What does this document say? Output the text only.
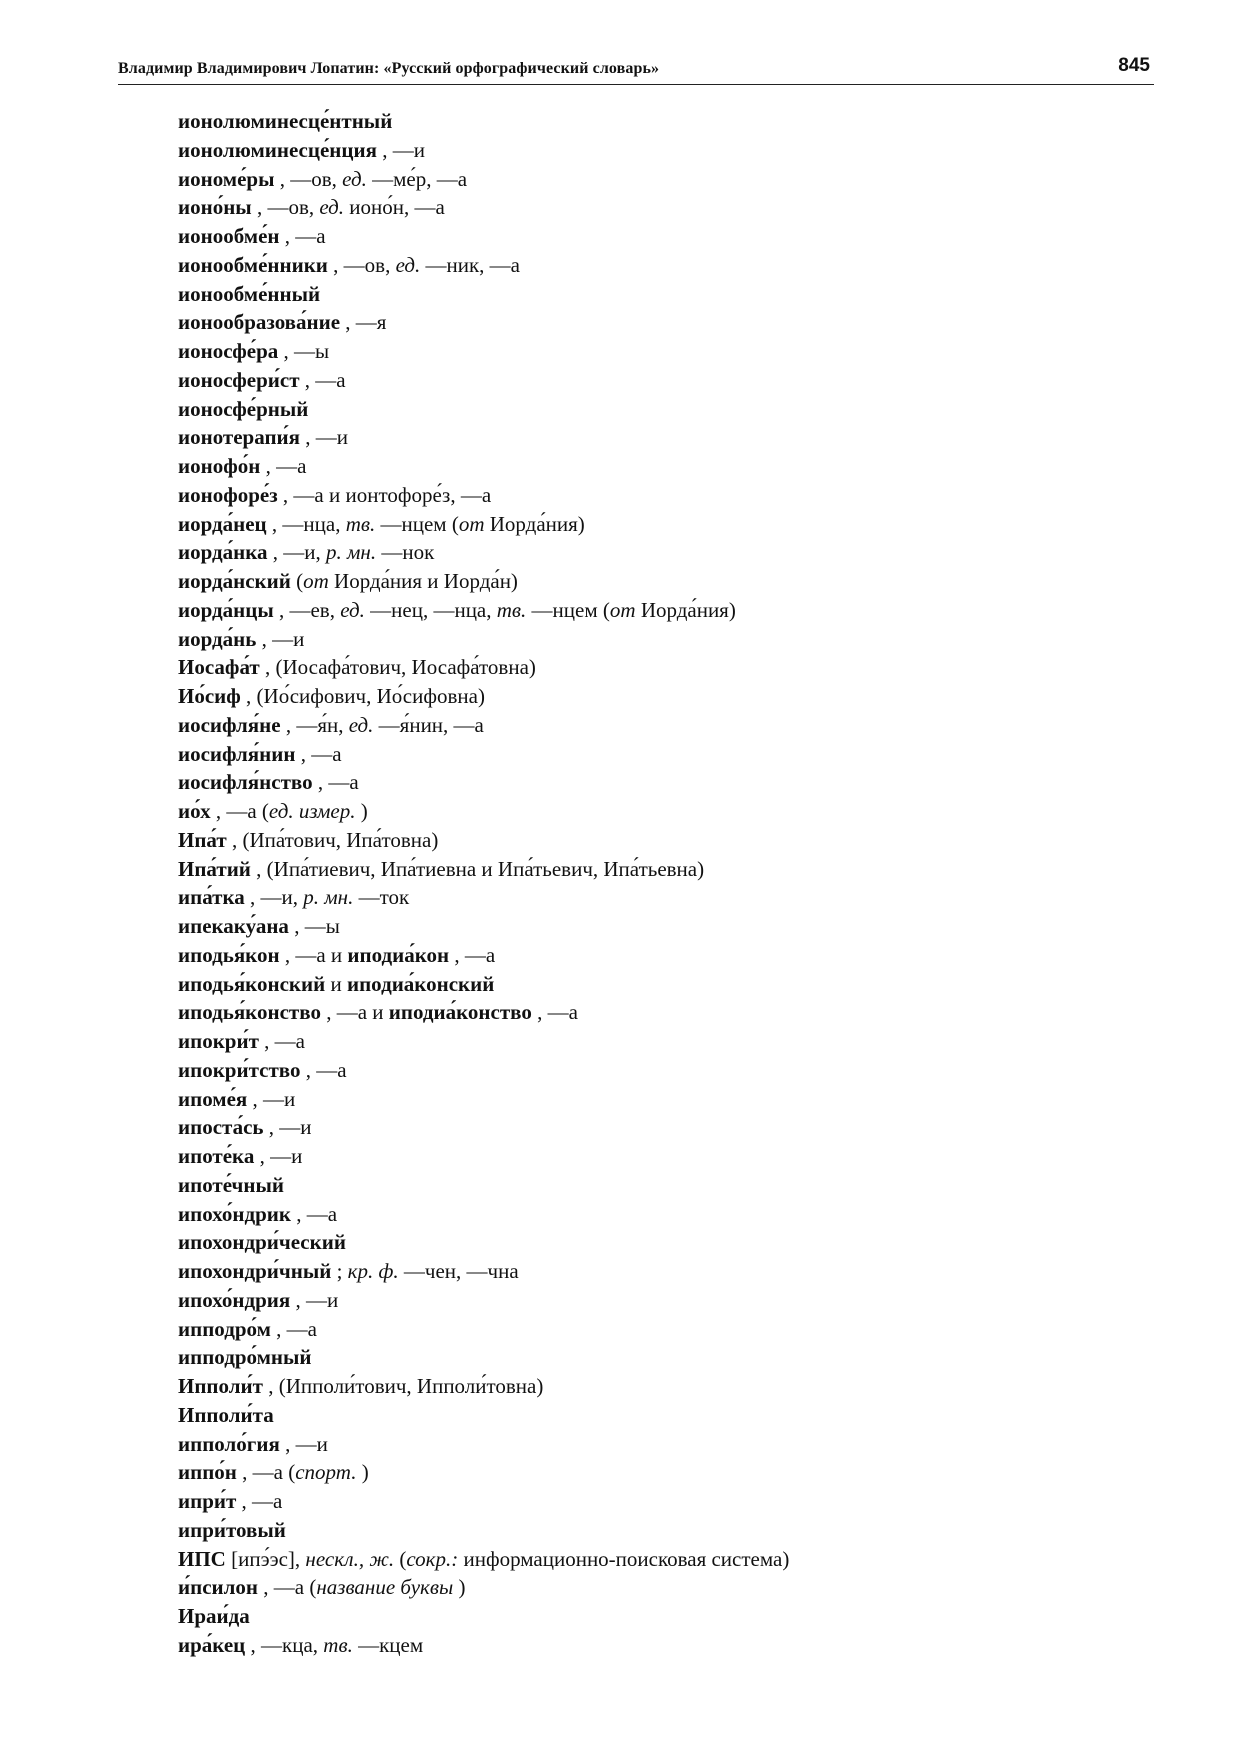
Владимир Владимирович Лопатин: «Русский орфографический словарь»	845
ионолюминесце́нтный
ионолюминесце́нция , —и
иономе́ры , —ов, ед. —ме́р, —а
ионо́ны , —ов, ед. ионо́н, —а
ионообме́н , —а
ионообме́нники , —ов, ед. —ник, —а
ионообме́нный
ионообразова́ние , —я
ионосфе́ра , —ы
ионосфери́ст , —а
ионосфе́рный
ионотерапи́я , —и
ионофо́н , —а
ионофоре́з , —а и ионтофоре́з, —а
иорда́нец , —нца, тв. —нцем (от Иорда́ния)
иорда́нка , —и, р. мн. —нок
иорда́нский (от Иорда́ния и Иорда́н)
иорда́нцы , —ев, ед. —нец, —нца, тв. —нцем (от Иорда́ния)
иорда́нь , —и
Иосафа́т , (Иосафа́тович, Иосафа́товна)
Ио́сиф , (Ио́сифович, Ио́сифовна)
иосифля́не , —я́н, ед. —я́нин, —а
иосифля́нин , —а
иосифля́нство , —а
ио́х , —а (ед. измер. )
Ипа́т , (Ипа́тович, Ипа́товна)
Ипа́тий , (Ипа́тиевич, Ипа́тиевна и Ипа́тьевич, Ипа́тьевна)
ипа́тка , —и, р. мн. —ток
ипекаку́ана , —ы
иподья́кон , —а и иподиа́кон , —а
иподья́конский и иподиа́конский
иподья́конство , —а и иподиа́конство , —а
ипокри́т , —а
ипокри́тство , —а
ипоме́я , —и
ипоста́сь , —и
ипоте́ка , —и
ипоте́чный
ипохо́ндрик , —а
ипохондри́ческий
ипохондри́чный ; кр. ф. —чен, —чна
ипохо́ндрия , —и
ипподро́м , —а
ипподро́мный
Ипполи́т , (Ипполи́тович, Ипполи́товна)
Ипполи́та
ипполо́гия , —и
иппо́н , —а (спорт. )
ипри́т , —а
ипри́товый
ИПС [ипэ́эс], нескл., ж. (сокр.: информационно-поисковая система)
и́псилон , —а (название буквы )
Ираи́да
ира́кец , —кца, тв. —кцем
